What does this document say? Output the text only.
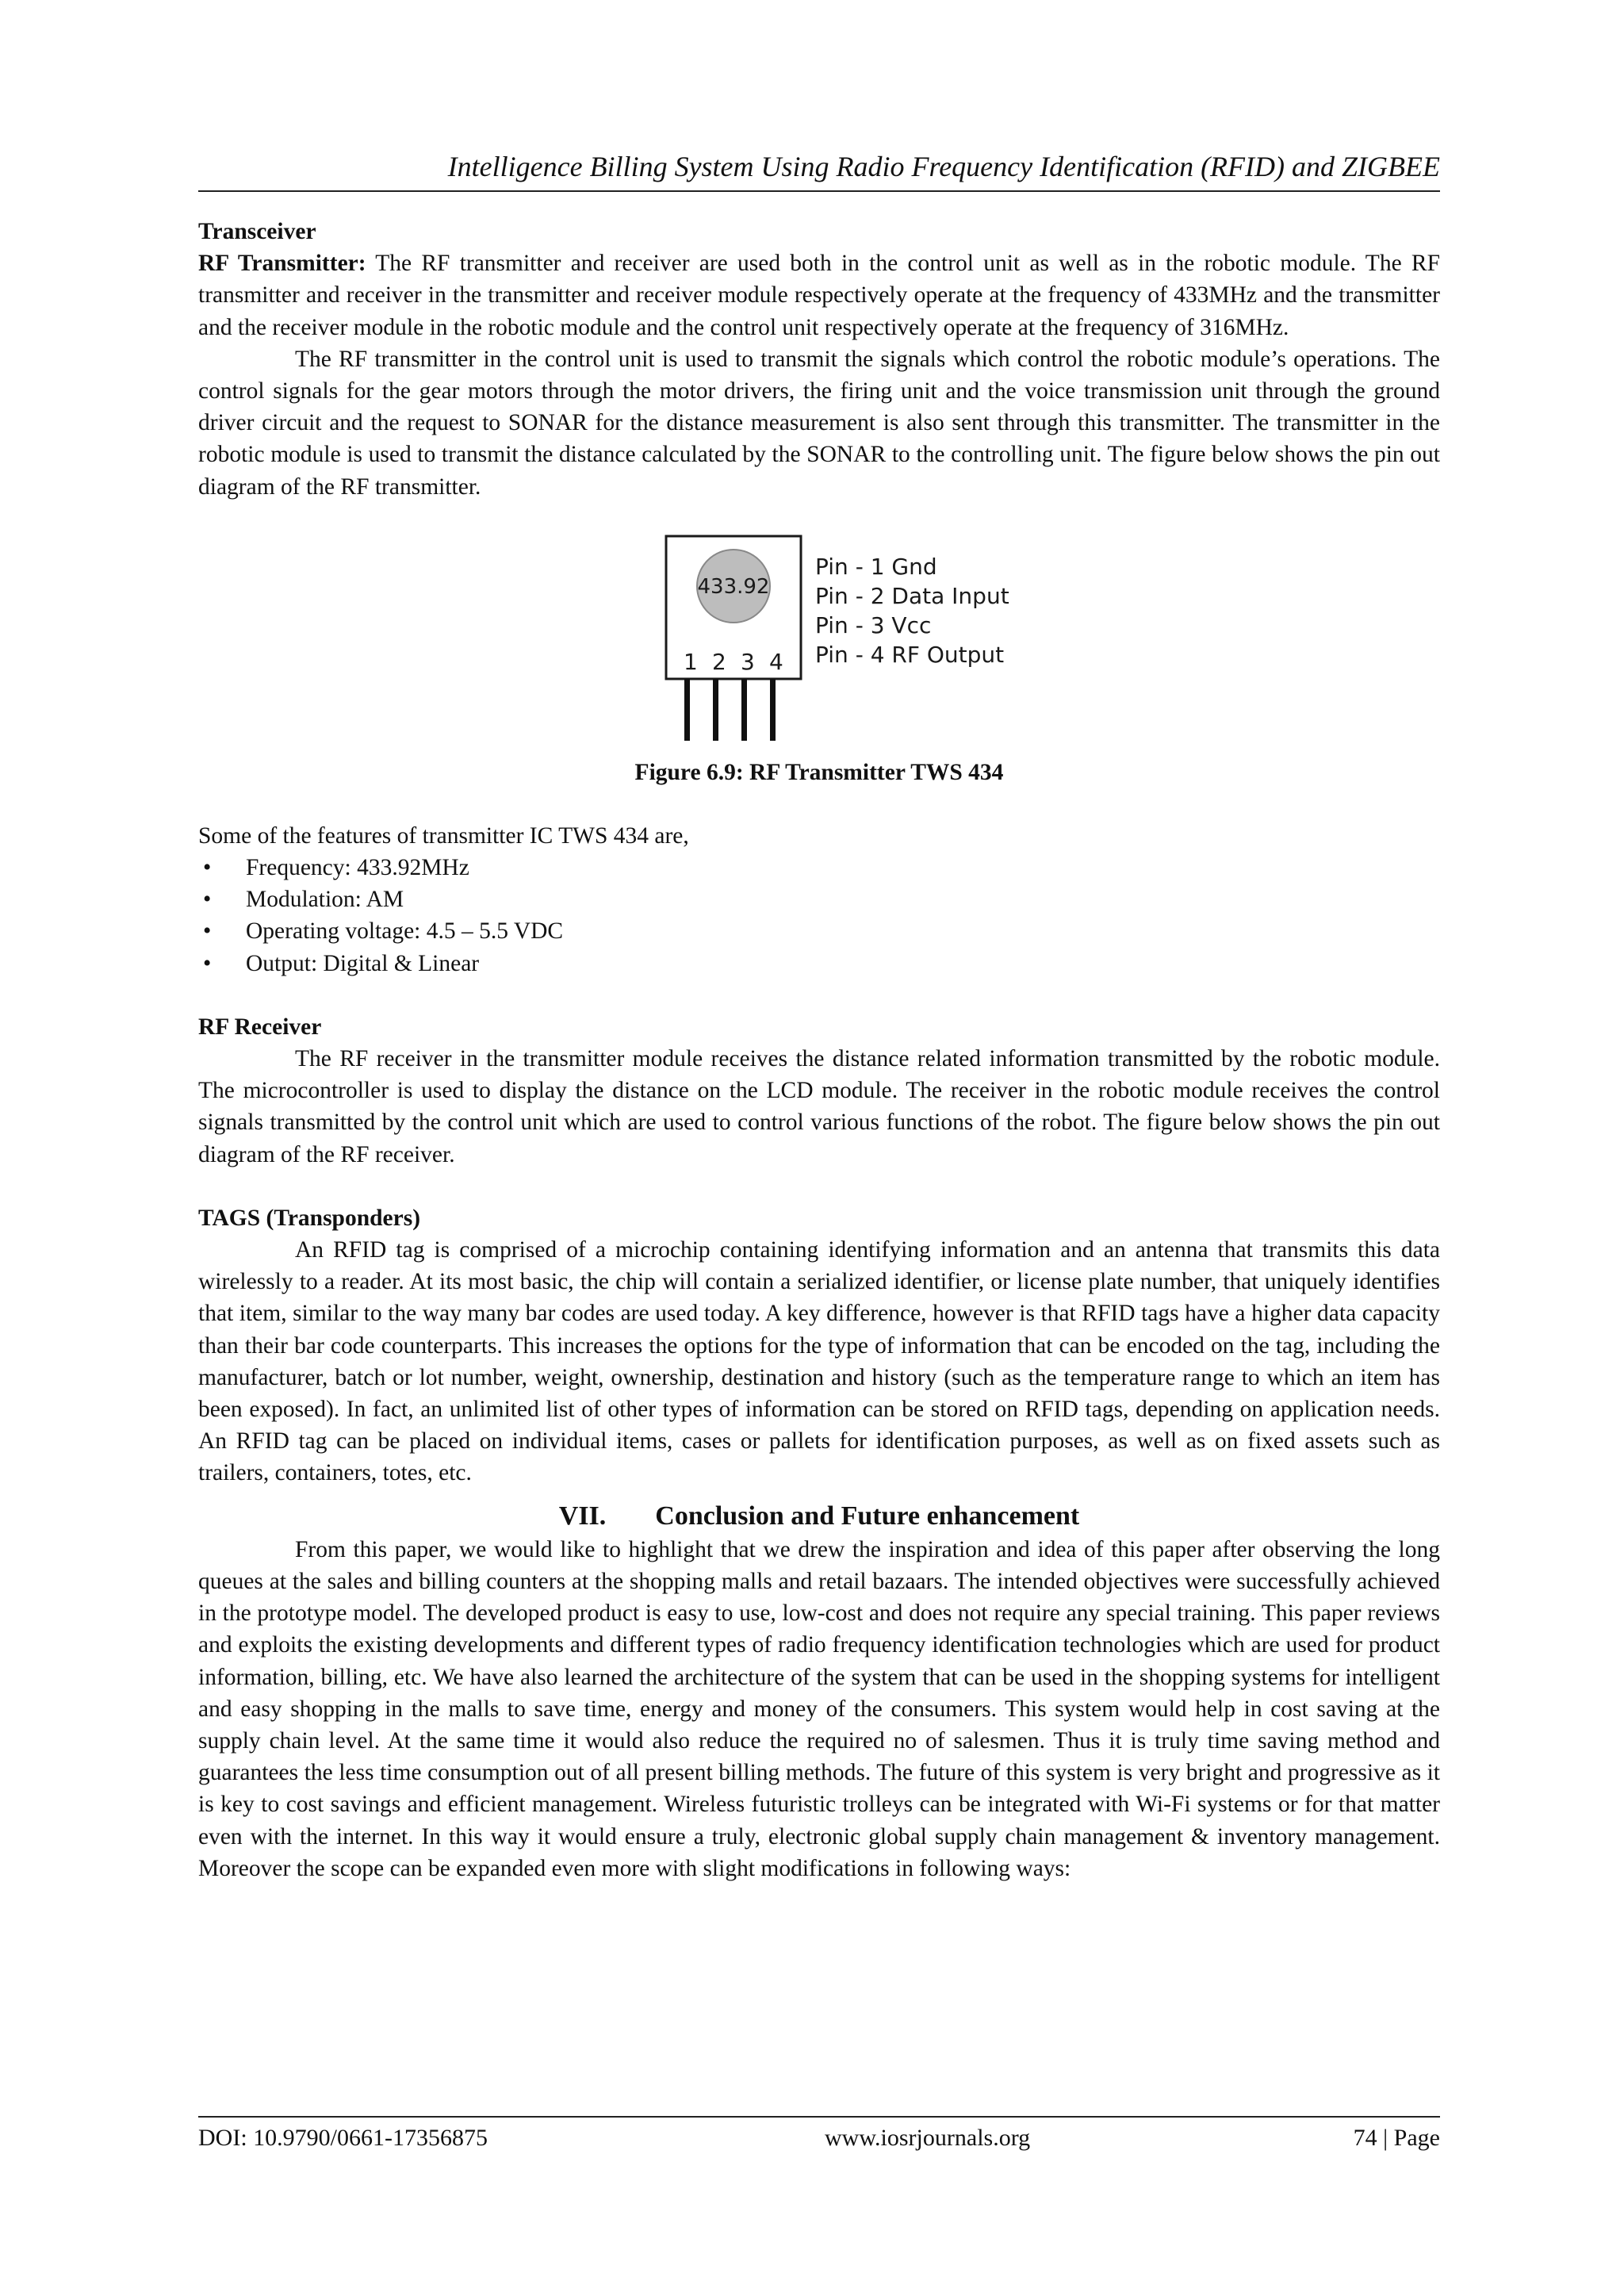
Intelligence Billing System Using Radio Frequency Identification (RFID) and ZIGBEE
Transceiver

RF Transmitter: The RF transmitter and receiver are used both in the control unit as well as in the robotic module. The RF transmitter and receiver in the transmitter and receiver module respectively operate at the frequency of 433MHz and the transmitter and the receiver module in the robotic module and the control unit respectively operate at the frequency of 316MHz.

The RF transmitter in the control unit is used to transmit the signals which control the robotic module’s operations. The control signals for the gear motors through the motor drivers, the firing unit and the voice transmission unit through the ground driver circuit and the request to SONAR for the distance measurement is also sent through this transmitter. The transmitter in the robotic module is used to transmit the distance calculated by the SONAR to the controlling unit. The figure below shows the pin out diagram of the RF transmitter.

433.92
1 2 3 4
Pin - 1 Gnd
Pin - 2 Data Input
Pin - 3 Vcc
Pin - 4 RF Output
Figure 6.9: RF Transmitter TWS 434

Some of the features of transmitter IC TWS 434 are,

• Frequency: 433.92MHz
• Modulation: AM
• Operating voltage: 4.5 – 5.5 VDC
• Output: Digital & Linear
RF Receiver

The RF receiver in the transmitter module receives the distance related information transmitted by the robotic module. The microcontroller is used to display the distance on the LCD module. The receiver in the robotic module receives the control signals transmitted by the control unit which are used to control various functions of the robot. The figure below shows the pin out diagram of the RF receiver.

TAGS (Transponders)

An RFID tag is comprised of a microchip containing identifying information and an antenna that transmits this data wirelessly to a reader. At its most basic, the chip will contain a serialized identifier, or license plate number, that uniquely identifies that item, similar to the way many bar codes are used today. A key difference, however is that RFID tags have a higher data capacity than their bar code counterparts. This increases the options for the type of information that can be encoded on the tag, including the manufacturer, batch or lot number, weight, ownership, destination and history (such as the temperature range to which an item has been exposed). In fact, an unlimited list of other types of information can be stored on RFID tags, depending on application needs. An RFID tag can be placed on individual items, cases or pallets for identification purposes, as well as on fixed assets such as trailers, containers, totes, etc.

VII. Conclusion and Future enhancement

From this paper, we would like to highlight that we drew the inspiration and idea of this paper after observing the long queues at the sales and billing counters at the shopping malls and retail bazaars. The intended objectives were successfully achieved in the prototype model. The developed product is easy to use, low-cost and does not require any special training. This paper reviews and exploits the existing developments and different types of radio frequency identification technologies which are used for product information, billing, etc. We have also learned the architecture of the system that can be used in the shopping systems for intelligent and easy shopping in the malls to save time, energy and money of the consumers. This system would help in cost saving at the supply chain level. At the same time it would also reduce the required no of salesmen. Thus it is truly time saving method and guarantees the less time consumption out of all present billing methods. The future of this system is very bright and progressive as it is key to cost savings and efficient management. Wireless futuristic trolleys can be integrated with Wi-Fi systems or for that matter even with the internet. In this way it would ensure a truly, electronic global supply chain management & inventory management. Moreover the scope can be expanded even more with slight modifications in following ways:

DOI: 10.9790/0661-17356875	www.iosrjournals.org	74 | Page
